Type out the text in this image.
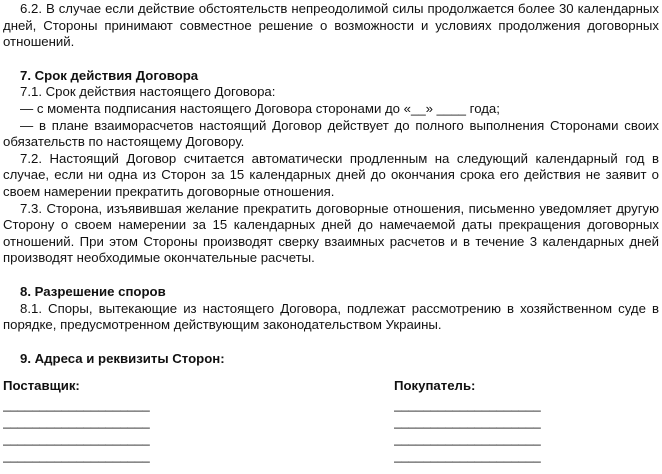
6.2. В случае если действие обстоятельств непреодолимой силы продолжается более 30 календарных дней, Стороны принимают совместное решение о возможности и условиях продолжения договорных отношений.

7. Срок действия Договора

7.1. Срок действия настоящего Договора:

— с момента подписания настоящего Договора сторонами до «__» ____ года;

— в плане взаиморасчетов настоящий Договор действует до полного выполнения Сторонами своих обязательств по настоящему Договору.

7.2. Настоящий Договор считается автоматически продленным на следующий календарный год в случае, если ни одна из Сторон за 15 календарных дней до окончания срока его действия не заявит о своем намерении прекратить договорные отношения.

7.3. Сторона, изъявившая желание прекратить договорные отношения, письменно уведомляет другую Сторону о своем намерении за 15 календарных дней до намечаемой даты прекращения договорных отношений. При этом Стороны производят сверку взаимных расчетов и в течение 3 календарных дней производят необходимые окончательные расчеты.

8. Разрешение споров

8.1. Споры, вытекающие из настоящего Договора, подлежат рассмотрению в хозяйственном суде в порядке, предусмотренном действующим законодательством Украины.

9. Адреса и реквизиты Сторон:

Поставщик:
____________________
____________________
____________________
____________________
Покупатель:
____________________
____________________
____________________
____________________
